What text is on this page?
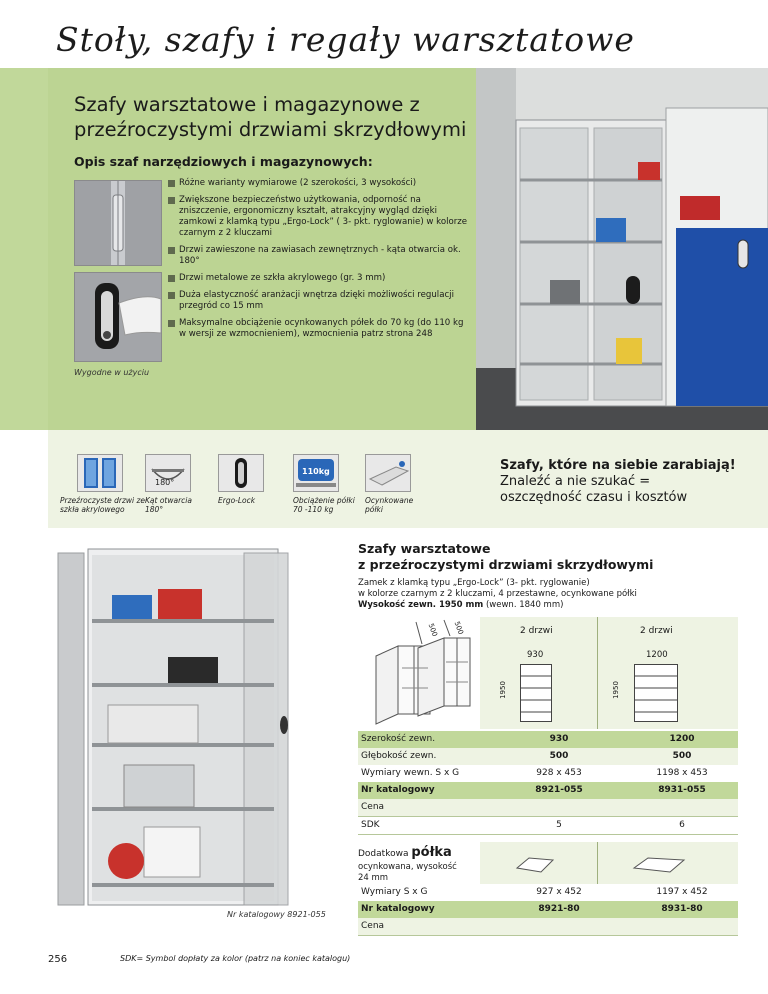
Stoły, szafy i regały warsztatowe
Szafy warsztatowe i magazynowe z
przeźroczystymi drzwiami skrzydłowymi
Opis szaf narzędziowych i magazynowych:
Różne warianty wymiarowe (2 szerokości, 3 wysokości)
Zwiększone bezpieczeństwo użytkowania, odporność na zniszczenie, ergonomiczny kształt, atrakcyjny wygląd dzięki zamkowi z klamką typu „Ergo-Lock” ( 3- pkt. ryglowanie) w kolorze czarnym z 2 kluczami
Drzwi zawieszone na zawiasach zewnętrznych - kąta otwarcia ok. 180°
Drzwi metalowe ze szkła akrylowego (gr. 3 mm)
Duża elastyczność aranżacji wnętrza dzięki możliwości regulacji przegród co 15 mm
Maksymalne obciążenie ocynkowanych półek do 70 kg (do 110 kg w wersji ze wzmocnieniem), wzmocnienia patrz strona 248
Wygodne w użyciu
180°
110kg
Przeźroczyste drzwi ze
szkła akrylowego
Kąt otwarcia
180°
Ergo-Lock	Obciążenie półki
70 -110 kg
Ocynkowane
półki
Szafy, które na siebie zarabiają!
Znaleźć a nie szukać =
oszczędność czasu i kosztów
Nr katalogowy 8921-055
Szafy warsztatowe
z przeźroczystymi drzwiami skrzydłowymi
Zamek z klamką typu „Ergo-Lock” (3- pkt. ryglowanie)
w kolorze czarnym z 2 kluczami, 4 przestawne, ocynkowane półki
Wysokość zewn. 1950 mm (wewn. 1840 mm)
500 500	2 drzwi	2 drzwi
930	1200
1950	1950
Szerokość zewn.	930	1200
Głębokość zewn.	500	500
Wymiary wewn. S x G	928 x 453	1198 x 453
Nr katalogowy	8921-055	8931-055
Cena
SDK	5	6
Dodatkowa półka
ocynkowana, wysokość
24 mm
Wymiary S x G	927 x 452	1197 x 452
Nr katalogowy	8921-80	8931-80
Cena
256	SDK= Symbol dopłaty za kolor (patrz na koniec katalogu)
